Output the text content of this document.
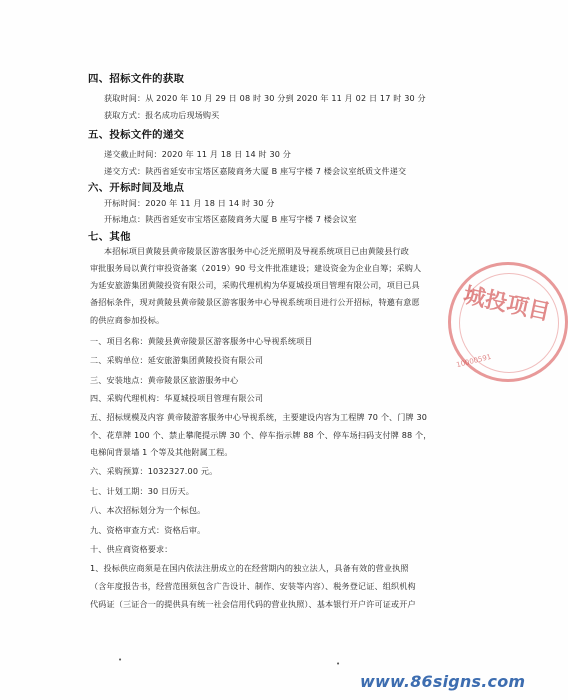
四、招标文件的获取
获取时间：从 2020 年 10 月 29 日 08 时 30 分到 2020 年 11 月 02 日 17 时 30 分
获取方式：报名成功后现场购买
五、投标文件的递交
递交截止时间：2020 年 11 月 18 日 14 时 30 分
递交方式：陕西省延安市宝塔区嘉陵商务大厦 B 座写字楼 7 楼会议室纸质文件递交
六、开标时间及地点
开标时间：2020 年 11 月 18 日 14 时 30 分
开标地点：陕西省延安市宝塔区嘉陵商务大厦 B 座写字楼 7 楼会议室
七、其他
本招标项目黄陵县黄帝陵景区游客服务中心泛光照明及导视系统项目已由黄陵县行政
审批服务局以黄行审投资备案（2019）90 号文件批准建设；建设资金为企业自筹；采购人
为延安旅游集团黄陵投资有限公司，采购代理机构为华夏城投项目管理有限公司，项目已具
备招标条件，现对黄陵县黄帝陵景区游客服务中心导视系统项目进行公开招标，特邀有意愿
的供应商参加投标。
一、项目名称：黄陵县黄帝陵景区游客服务中心导视系统项目
二、采购单位：延安旅游集团黄陵投资有限公司
三、安装地点：黄帝陵景区旅游服务中心
四、采购代理机构：华夏城投项目管理有限公司
五、招标规模及内容 黄帝陵游客服务中心导视系统，主要建设内容为工程牌 70 个、门牌 30
个、花草牌 100 个、禁止攀爬提示牌 30 个、停车指示牌 88 个、停车场扫码支付牌 88 个，
电梯间背景墙 1 个等及其他附属工程。
六、采购预算：1032327.00 元。
七、计划工期：30 日历天。
八、本次招标划分为一个标包。
九、资格审查方式：资格后审。
十、供应商资格要求：
1、投标供应商须是在国内依法注册成立的在经营期内的独立法人，具备有效的营业执照
（含年度报告书，经营范围须包含广告设计、制作、安装等内容）、税务登记证、组织机构
代码证（三证合一的提供具有统一社会信用代码的营业执照）、基本银行开户许可证或开户
城投项目
10000591
•	•
www.86signs.com
